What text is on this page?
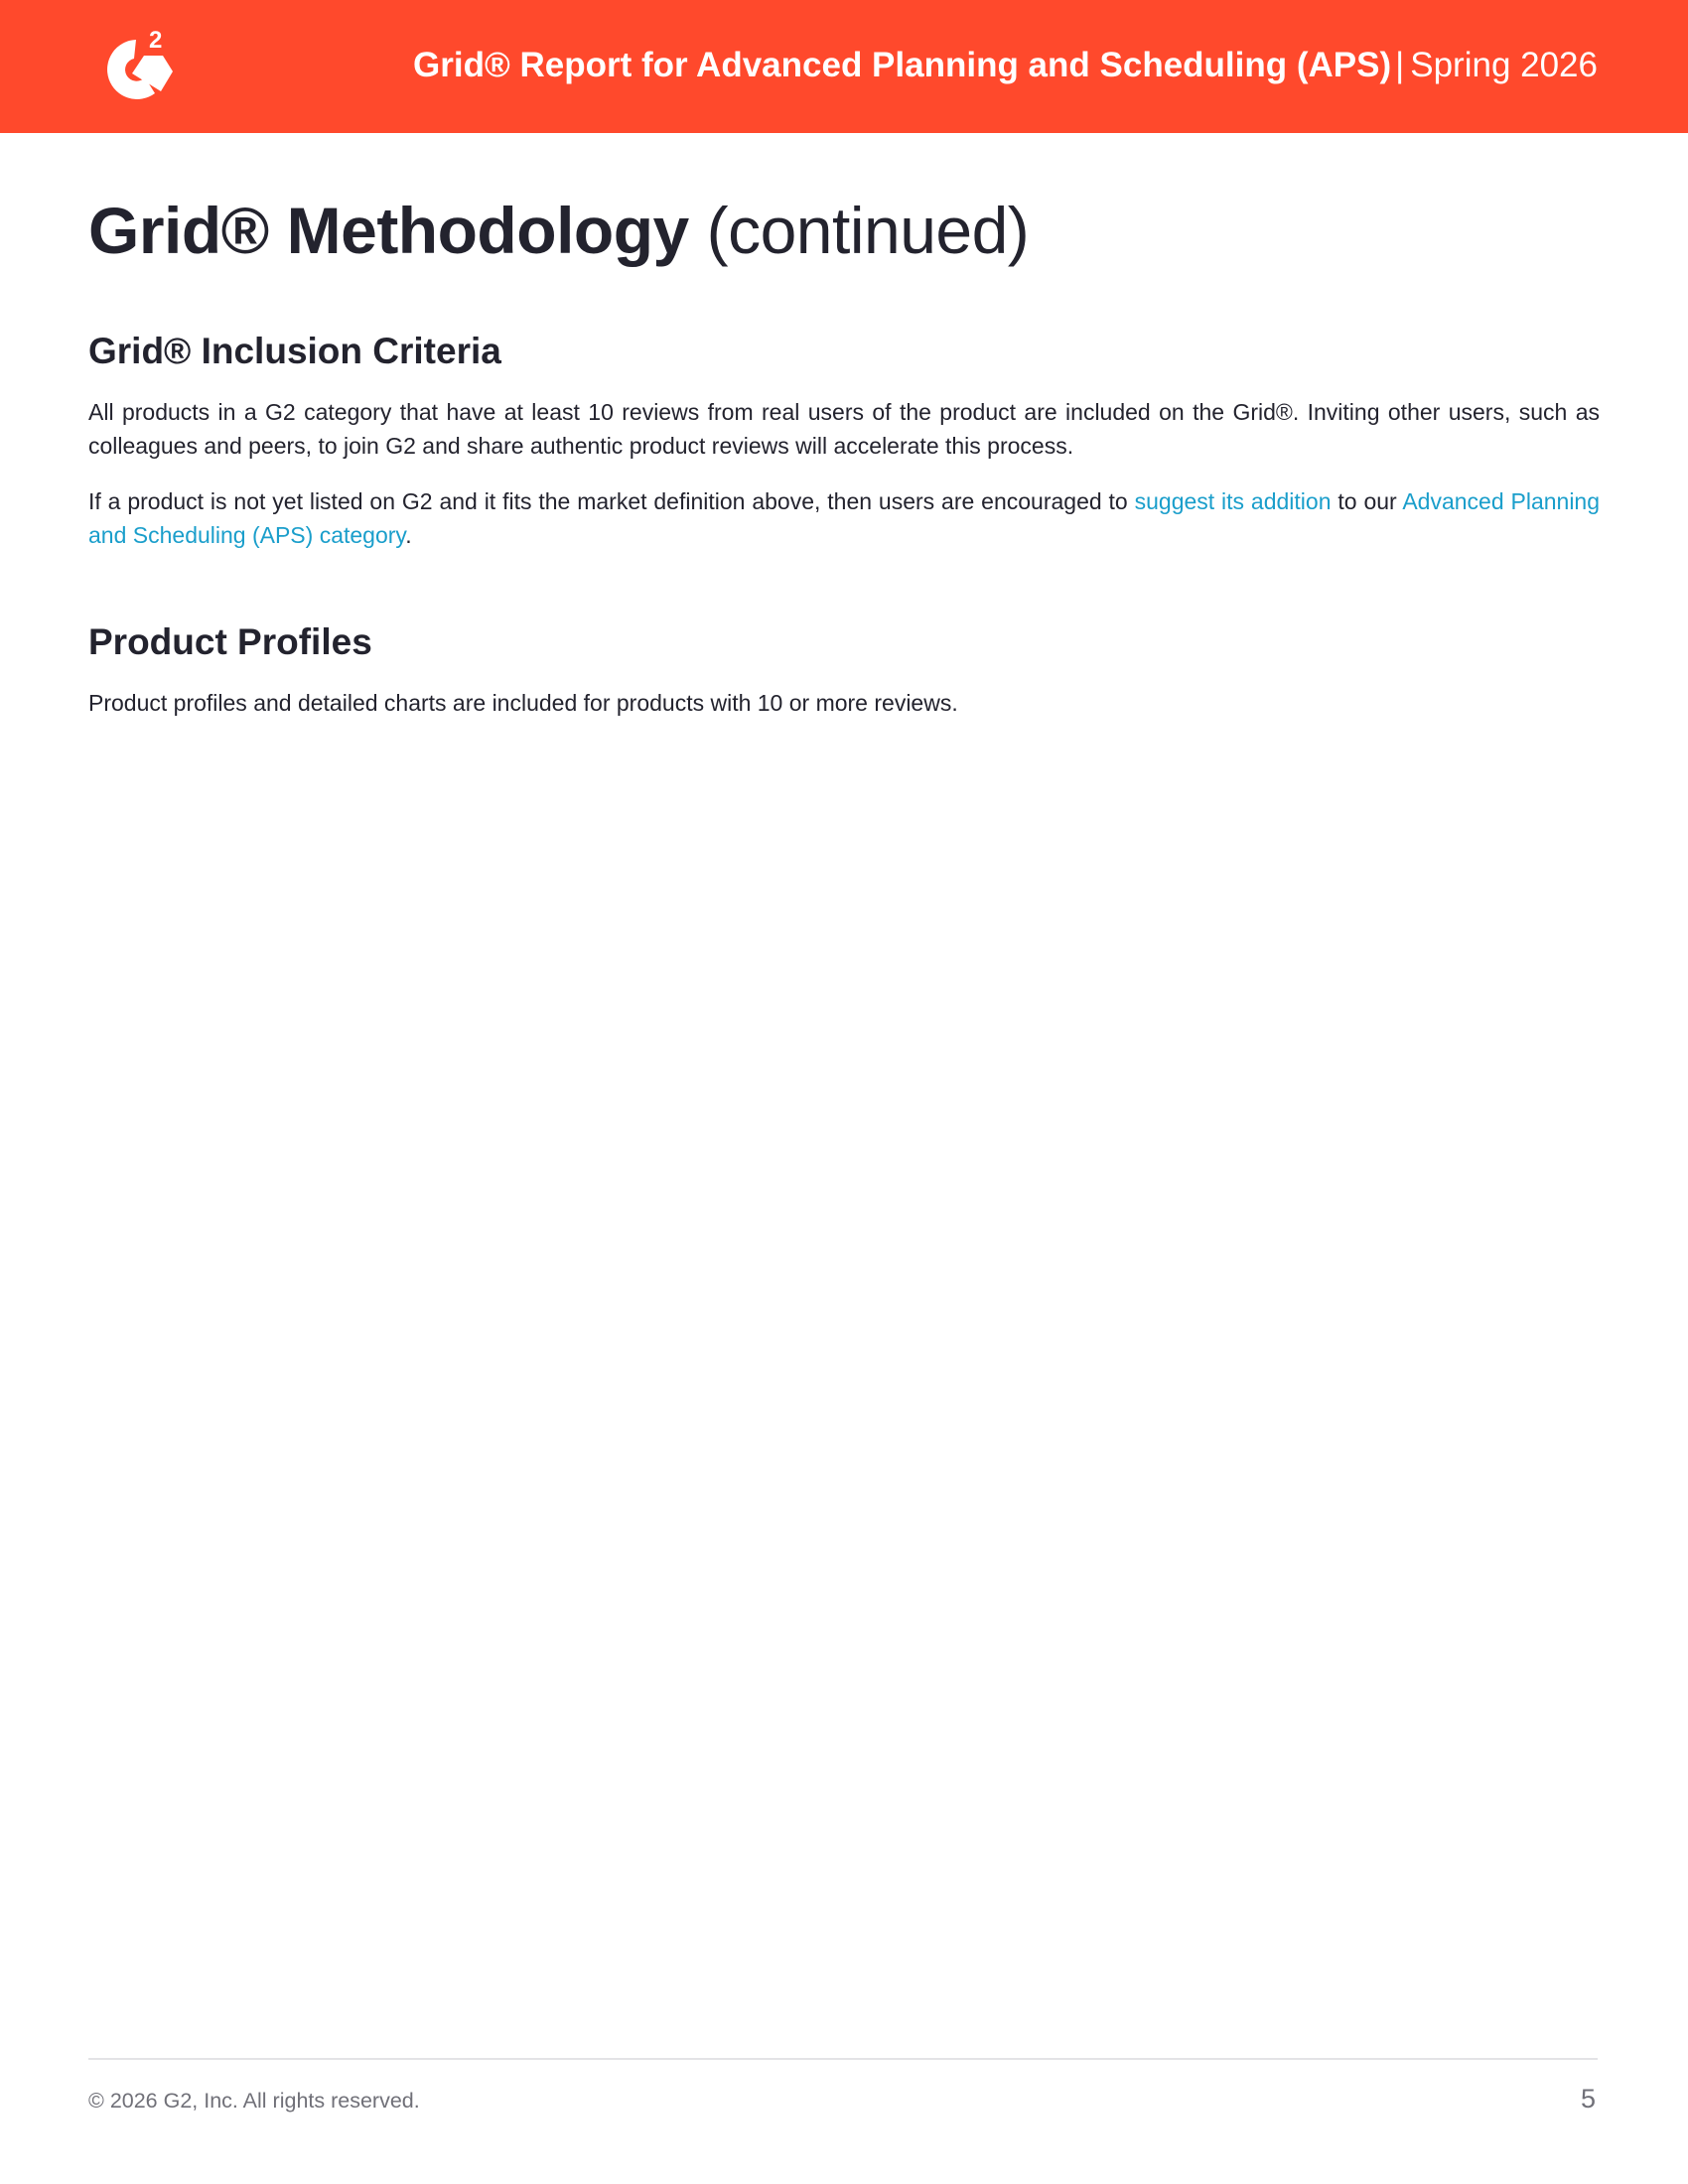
2
Grid® Report for Advanced Planning and Scheduling (APS) | Spring 2026
Grid® Methodology (continued)
Grid® Inclusion Criteria

All products in a G2 category that have at least 10 reviews from real users of the product are included on the Grid®. Inviting other users, such as colleagues and peers, to join G2 and share authentic product reviews will accelerate this process.

If a product is not yet listed on G2 and it fits the market definition above, then users are encouraged to suggest its addition to our Advanced Planning and Scheduling (APS) category.

Product Profiles

Product profiles and detailed charts are included for products with 10 or more reviews.

© 2026 G2, Inc. All rights reserved.	5
